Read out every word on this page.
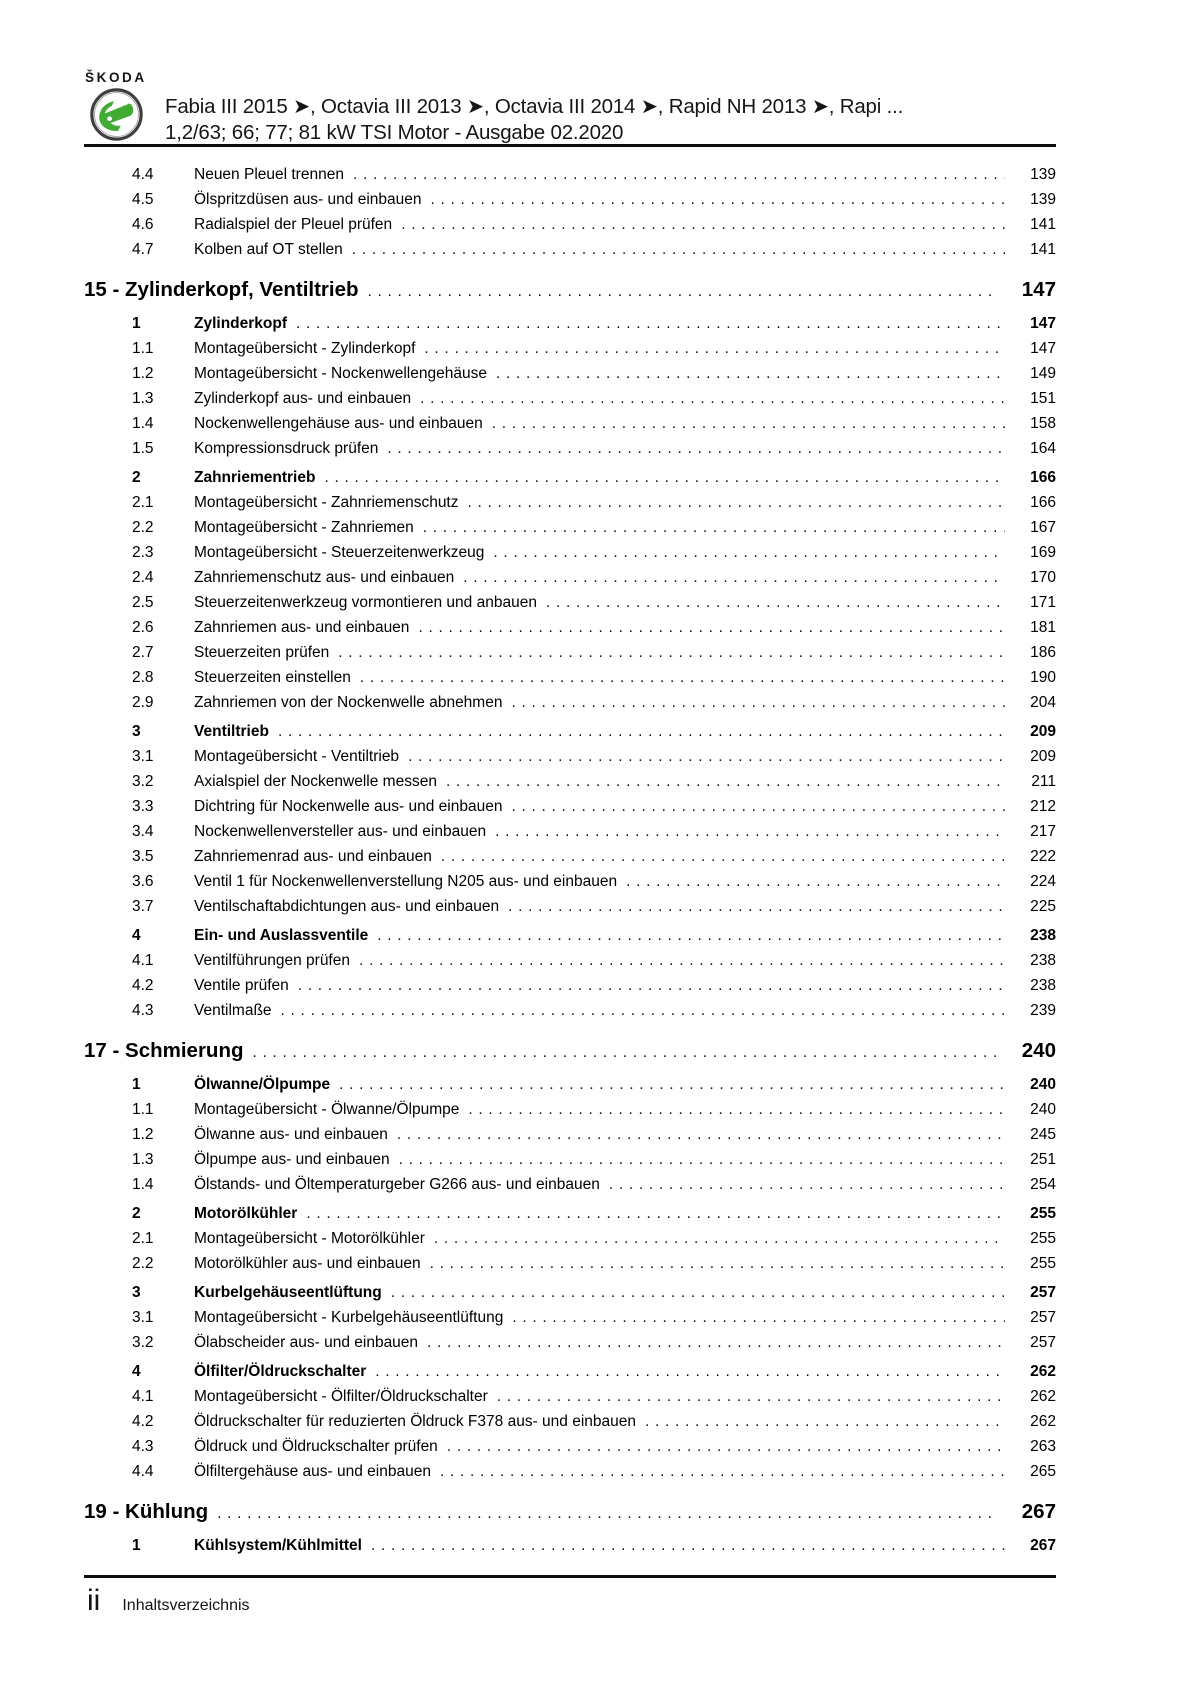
ŠKODA
Fabia III 2015 ➤, Octavia III 2013 ➤, Octavia III 2014 ➤, Rapid NH 2013 ➤, Rapi ...
1,2/63; 66; 77; 81 kW TSI Motor - Ausgabe 02.2020
4.4	Neuen Pleuel trennen .....	139
4.5	Ölspritzdüsen aus- und einbauen .....	139
4.6	Radialspiel der Pleuel prüfen .....	141
4.7	Kolben auf OT stellen .....	141
15 - Zylinderkopf, Ventiltrieb .....	147
1	Zylinderkopf .....	147
1.1	Montageübersicht - Zylinderkopf .....	147
1.2	Montageübersicht - Nockenwellengehäuse .....	149
1.3	Zylinderkopf aus- und einbauen .....	151
1.4	Nockenwellengehäuse aus- und einbauen .....	158
1.5	Kompressionsdruck prüfen .....	164
2	Zahnriementrieb .....	166
2.1	Montageübersicht - Zahnriemenschutz .....	166
2.2	Montageübersicht - Zahnriemen .....	167
2.3	Montageübersicht - Steuerzeitenwerkzeug .....	169
2.4	Zahnriemenschutz aus- und einbauen .....	170
2.5	Steuerzeitenwerkzeug vormontieren und anbauen .....	171
2.6	Zahnriemen aus- und einbauen .....	181
2.7	Steuerzeiten prüfen .....	186
2.8	Steuerzeiten einstellen .....	190
2.9	Zahnriemen von der Nockenwelle abnehmen .....	204
3	Ventiltrieb .....	209
3.1	Montageübersicht - Ventiltrieb .....	209
3.2	Axialspiel der Nockenwelle messen .....	211
3.3	Dichtring für Nockenwelle aus- und einbauen .....	212
3.4	Nockenwellenversteller aus- und einbauen .....	217
3.5	Zahnriemenrad aus- und einbauen .....	222
3.6	Ventil 1 für Nockenwellenverstellung N205 aus- und einbauen .....	224
3.7	Ventilschaftabdichtungen aus- und einbauen .....	225
4	Ein- und Auslassventile .....	238
4.1	Ventilführungen prüfen .....	238
4.2	Ventile prüfen .....	238
4.3	Ventilmaße .....	239
17 - Schmierung .....	240
1	Ölwanne/Ölpumpe .....	240
1.1	Montageübersicht - Ölwanne/Ölpumpe .....	240
1.2	Ölwanne aus- und einbauen .....	245
1.3	Ölpumpe aus- und einbauen .....	251
1.4	Ölstands- und Öltemperaturgeber G266 aus- und einbauen .....	254
2	Motorölkühler .....	255
2.1	Montageübersicht - Motorölkühler .....	255
2.2	Motorölkühler aus- und einbauen .....	255
3	Kurbelgehäuseentlüftung .....	257
3.1	Montageübersicht - Kurbelgehäuseentlüftung .....	257
3.2	Ölabscheider aus- und einbauen .....	257
4	Ölfilter/Öldruckschalter .....	262
4.1	Montageübersicht - Ölfilter/Öldruckschalter .....	262
4.2	Öldruckschalter für reduzierten Öldruck F378 aus- und einbauen .....	262
4.3	Öldruck und Öldruckschalter prüfen .....	263
4.4	Ölfiltergehäuse aus- und einbauen .....	265
19 - Kühlung .....	267
1	Kühlsystem/Kühlmittel .....	267
ii Inhaltsverzeichnis
